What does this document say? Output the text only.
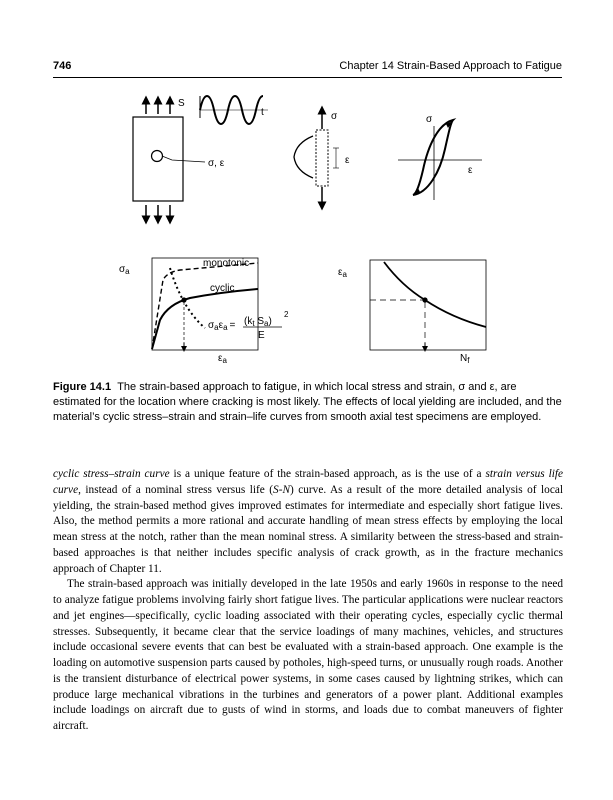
746	Chapter 14 Strain-Based Approach to Fatigue
σ, ε
S
t	σ
ε
σ
ε
$\sigma_a$
$\varepsilon_a$
monotonic
cyclic
$\sigma_a\varepsilon_a = (k_t$ $S_a$)
2
E
$\varepsilon_a$
$N_f$
Figure 14.1 The strain-based approach to fatigue, in which local stress and strain, σ and ε, are estimated for the location where cracking is most likely. The effects of local yielding are included, and the material’s cyclic stress–strain and strain–life curves from smooth axial test specimens are employed.

cyclic stress–strain curve is a unique feature of the strain-based approach, as is the use of a strain versus life curve, instead of a nominal stress versus life (S-N) curve. As a result of the more detailed analysis of local yielding, the strain-based method gives improved estimates for intermediate and especially short fatigue lives. Also, the method permits a more rational and accurate handling of mean stress effects by employing the local mean stress at the notch, rather than the mean nominal stress. A similarity between the stress-based and strain-based approaches is that neither includes specific analysis of crack growth, as in the fracture mechanics approach of Chapter 11.

The strain-based approach was initially developed in the late 1950s and early 1960s in response to the need to analyze fatigue problems involving fairly short fatigue lives. The particular applications were nuclear reactors and jet engines—specifically, cyclic loading associated with their operating cycles, especially cyclic thermal stresses. Subsequently, it became clear that the service loadings of many machines, vehicles, and structures include occasional severe events that can best be evaluated with a strain-based approach. One example is the loading on automotive suspension parts caused by potholes, high-speed turns, or unusually rough roads. Another is the transient disturbance of electrical power systems, in some cases caused by lightning strikes, which can produce large mechanical vibrations in the turbines and generators of a power plant. Additional examples include loadings on aircraft due to gusts of wind in storms, and loads due to combat maneuvers of fighter aircraft.
